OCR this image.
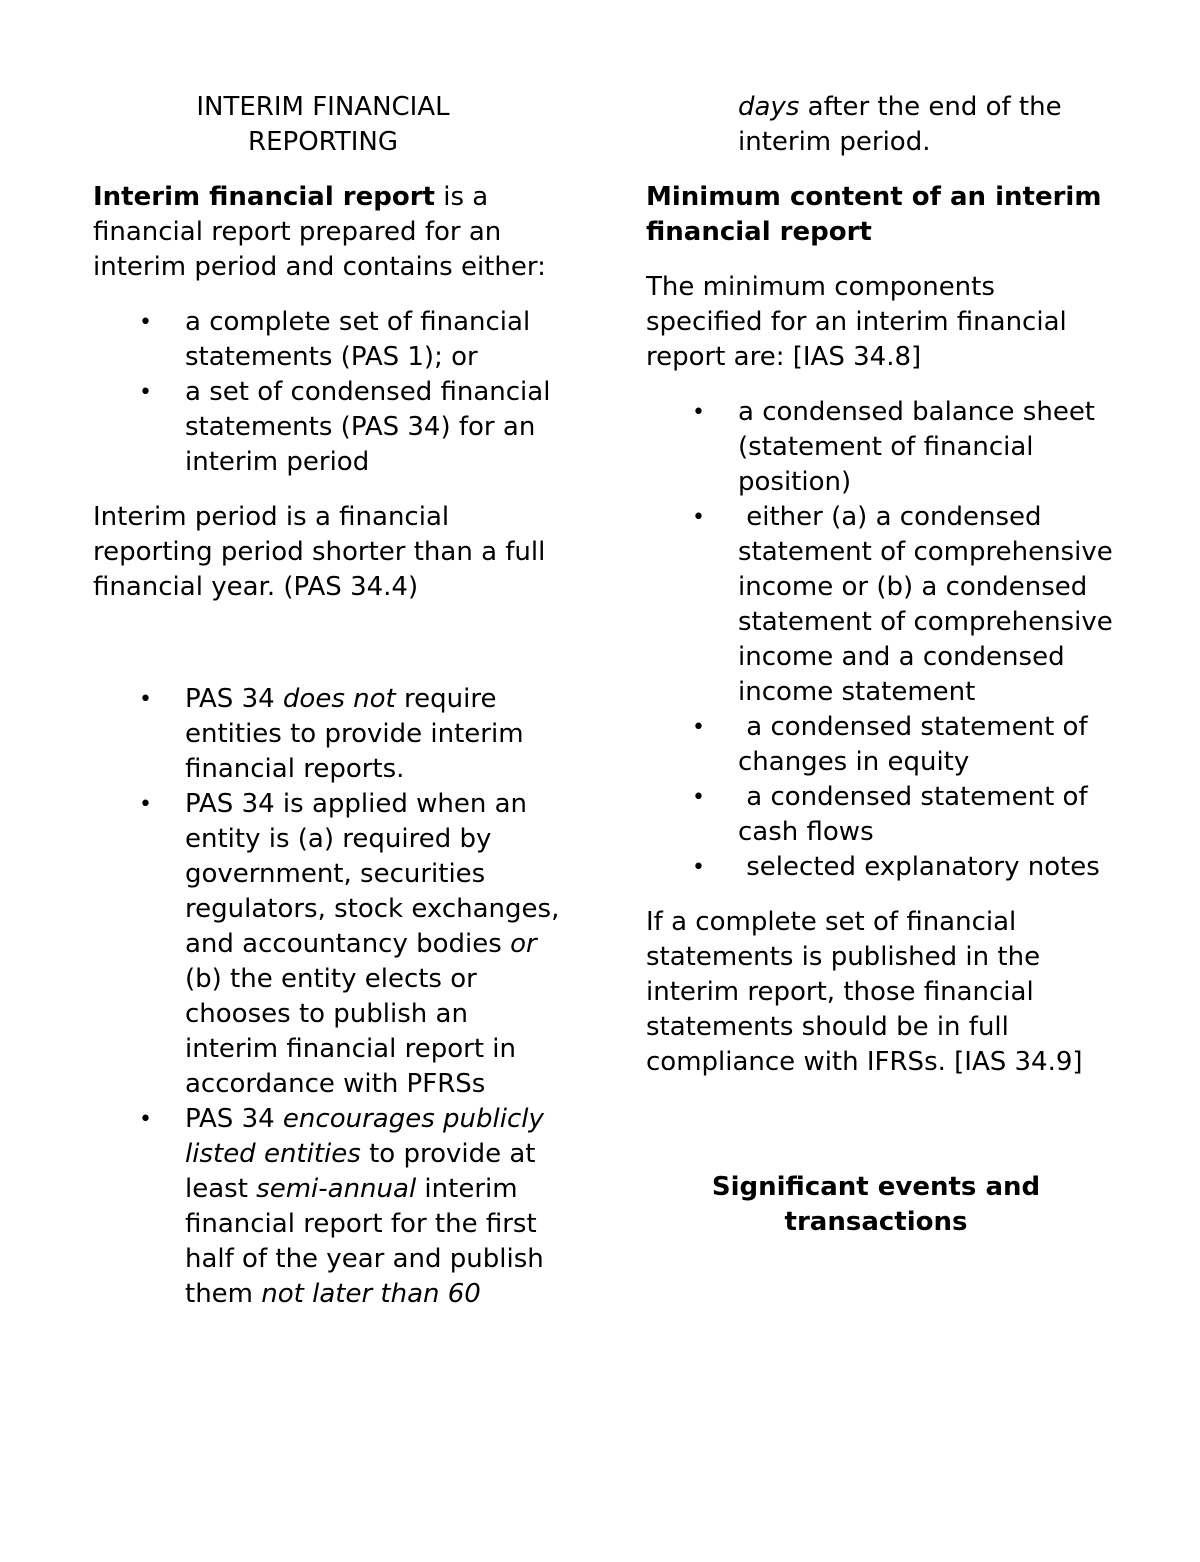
INTERIM FINANCIAL
REPORTING

Interim financial report is a financial report prepared for an interim period and contains either:

• a complete set of financial statements (PAS 1); or
• a set of condensed financial statements (PAS 34) for an interim period

Interim period is a financial reporting period shorter than a full financial year. (PAS 34.4)

• PAS 34 does not require entities to provide interim financial reports.
• PAS 34 is applied when an entity is (a) required by government, securities regulators, stock exchanges, and accountancy bodies or (b) the entity elects or chooses to publish an interim financial report in accordance with PFRSs
• PAS 34 encourages publicly listed entities to provide at least semi-annual interim financial report for the first half of the year and publish them not later than 60
days after the end of the interim period.
Minimum content of an interim financial report

The minimum components specified for an interim financial report are: [IAS 34.8]

• a condensed balance sheet (statement of financial position)
• either (a) a condensed statement of comprehensive income or (b) a condensed statement of comprehensive income and a condensed income statement
• a condensed statement of changes in equity
• a condensed statement of cash flows
• selected explanatory notes

If a complete set of financial statements is published in the interim report, those financial statements should be in full compliance with IFRSs. [IAS 34.9]

Significant events and
transactions
